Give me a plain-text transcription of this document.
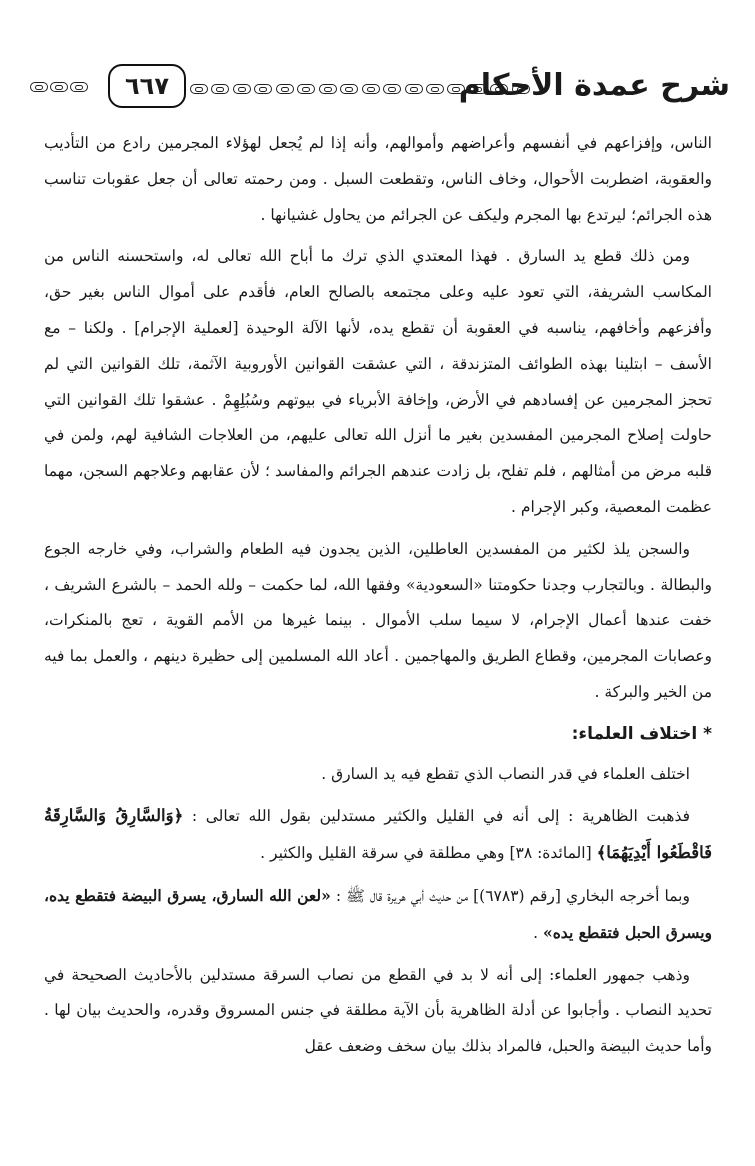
٦٦٧	شرح عمدة الأحكام

الناس، وإفزاعهم في أنفسهم وأعراضهم وأموالهم، وأنه إذا لم يُجعل لهؤلاء المجرمين رادع من التأديب والعقوبة، اضطربت الأحوال، وخاف الناس، وتقطعت السبل . ومن رحمته تعالى أن جعل عقوبات تناسب هذه الجرائم؛ ليرتدع بها المجرم وليكف عن الجرائم من يحاول غشيانها .

ومن ذلك قطع يد السارق . فهذا المعتدي الذي ترك ما أباح الله تعالى له، واستحسنه الناس من المكاسب الشريفة، التي تعود عليه وعلى مجتمعه بالصالح العام، فأقدم على أموال الناس بغير حق، وأفزعهم وأخافهم، يناسبه في العقوبة أن تقطع يده، لأنها الآلة الوحيدة [لعملية الإجرام] . ولكنا – مع الأسف – ابتلينا بهذه الطوائف المتزندقة ، التي عشقت القوانين الأوروبية الآثمة، تلك القوانين التي لم تحجز المجرمين عن إفسادهم في الأرض، وإخافة الأبرياء في بيوتهم وسُبُلِهِمْ . عشقوا تلك القوانين التي حاولت إصلاح المجرمين المفسدين بغير ما أنزل الله تعالى عليهم، من العلاجات الشافية لهم، ولمن في قلبه مرض من أمثالهم ، فلم تفلح، بل زادت عندهم الجرائم والمفاسد ؛ لأن عقابهم وعلاجهم السجن، مهما عظمت المعصية، وكبر الإجرام .

والسجن يلذ لكثير من المفسدين العاطلين، الذين يجدون فيه الطعام والشراب، وفي خارجه الجوع والبطالة . وبالتجارب وجدنا حكومتنا «السعودية» وفقها الله، لما حكمت – ولله الحمد – بالشرع الشريف ، خفت عندها أعمال الإجرام، لا سيما سلب الأموال . بينما غيرها من الأمم القوية ، تعج بالمنكرات، وعصابات المجرمين، وقطاع الطريق والمهاجمين . أعاد الله المسلمين إلى حظيرة دينهم ، والعمل بما فيه من الخير والبركة .

* اختلاف العلماء:

اختلف العلماء في قدر النصاب الذي تقطع فيه يد السارق .

فذهبت الظاهرية : إلى أنه في القليل والكثير مستدلين بقول الله تعالى : ﴿وَالسَّارِقُ وَالسَّارِقَةُ فَاقْطَعُوا أَيْدِيَهُمَا﴾ [المائدة: ٣٨] وهي مطلقة في سرقة القليل والكثير .

وبما أخرجه البخاري [رقم (٦٧٨٣)] من حديث أبي هريرة قال ﷺ : «لعن الله السارق، يسرق البيضة فتقطع يده، ويسرق الحبل فتقطع يده» .

وذهب جمهور العلماء: إلى أنه لا بد في القطع من نصاب السرقة مستدلين بالأحاديث الصحيحة في تحديد النصاب . وأجابوا عن أدلة الظاهرية بأن الآية مطلقة في جنس المسروق وقدره، والحديث بيان لها . وأما حديث البيضة والحبل، فالمراد بذلك بيان سخف وضعف عقل
